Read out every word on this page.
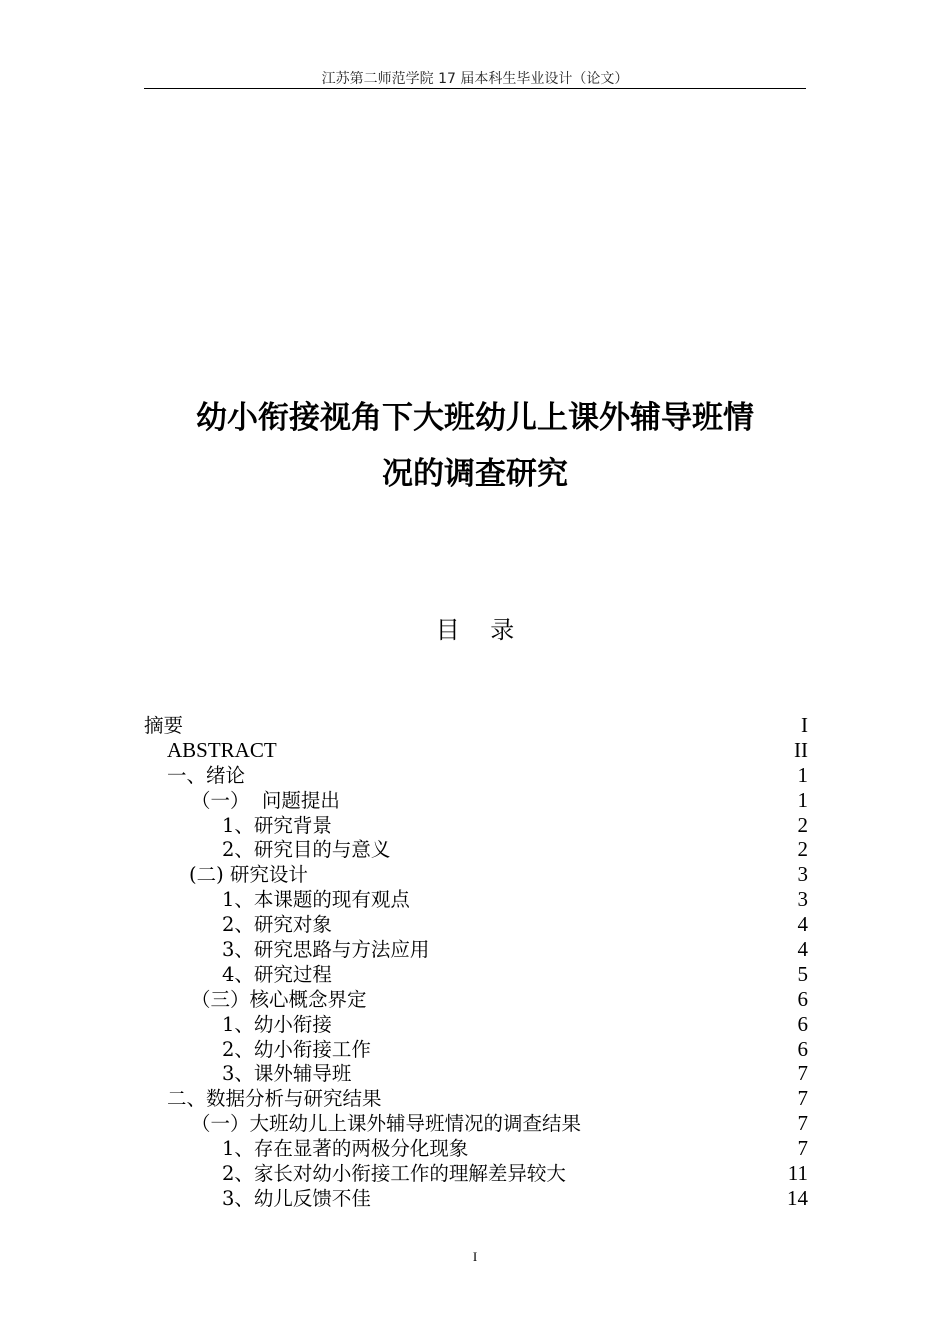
江苏第二师范学院 17 届本科生毕业设计（论文）
幼小衔接视角下大班幼儿上课外辅导班情
况的调查研究
目    录
摘要	I
ABSTRACT	II
一、绪论	1
（一）  问题提出	1
1、研究背景	2
2、研究目的与意义	2
(二) 研究设计	3
1、本课题的现有观点	3
2、研究对象	4
3、研究思路与方法应用	4
4、研究过程	5
（三）核心概念界定	6
1、幼小衔接	6
2、幼小衔接工作	6
3、课外辅导班	7
二、数据分析与研究结果	7
（一）大班幼儿上课外辅导班情况的调查结果	7
1、存在显著的两极分化现象	7
2、家长对幼小衔接工作的理解差异较大	11
3、幼儿反馈不佳	14
I
